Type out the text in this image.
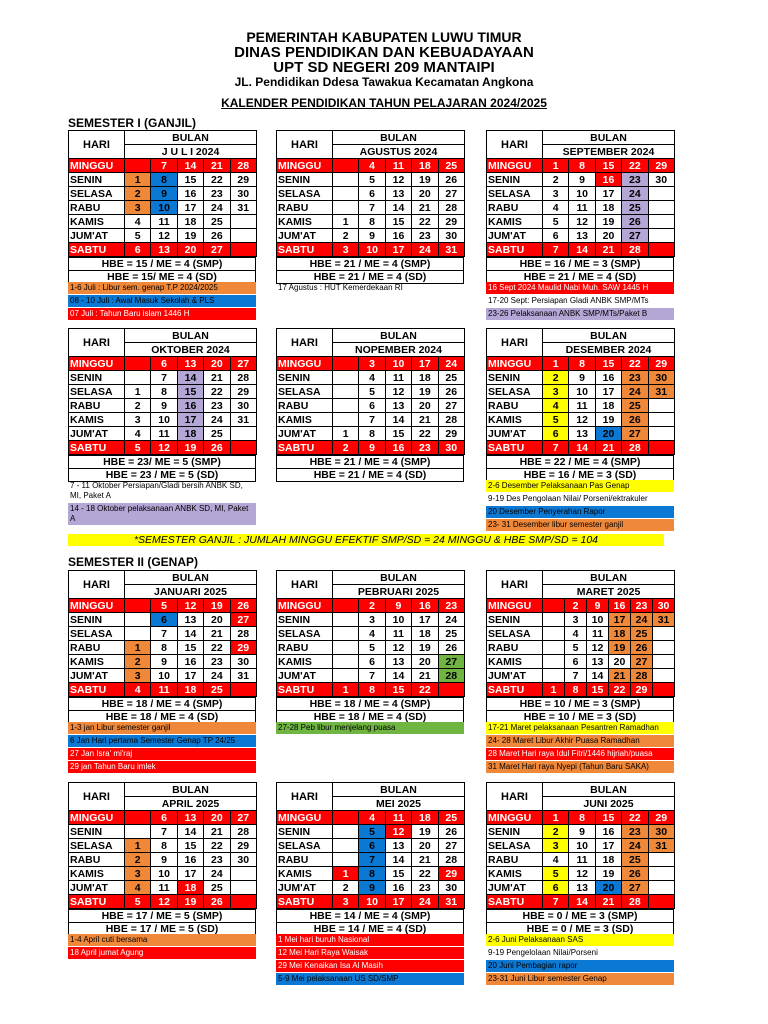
PEMERINTAH KABUPATEN LUWU TIMUR
DINAS PENDIDIKAN DAN KEBUADAYAAN
UPT SD NEGERI 209 MANTAIPI
JL. Pendidikan Ddesa Tawakua Kecamatan Angkona
KALENDER PENDIDIKAN TAHUN PELAJARAN 2024/2025
SEMESTER I (GANJIL)
SEMESTER II (GENAP)
*SEMESTER GANJIL : JUMLAH MINGGU EFEKTIF SMP/SD = 24 MINGGU & HBE SMP/SD = 104
HARI	BULAN	
	J U L I 2024					
MINGGU		7	14	21	28	
SENIN	1	8	15	22	29	
SELASA	2	9	16	23	30	
RABU	3	10	17	24	31	
KAMIS	4	11	18	25		
JUM'AT	5	12	19	26		
SABTU	6	13	20	27		
HBE = 15 / ME = 4 (SMP)
HBE = 15/ ME = 4 (SD)
1-6 Juli : Libur sem. genap T.P 2024/2025
08 - 10 Juli : Awal Masuk Sekolah & PLS
07 Juli : Tahun Baru islam 1446 H
HARI	BULAN	
	AGUSTUS 2024					
MINGGU		4	11	18	25	
SENIN		5	12	19	26	
SELASA		6	13	20	27	
RABU		7	14	21	28	
KAMIS	1	8	15	22	29	
JUM'AT	2	9	16	23	30	
SABTU	3	10	17	24	31	
HBE = 21 / ME = 4 (SMP)
HBE = 21 / ME = 4 (SD)
17 Agustus : HUT Kemerdekaan RI
HARI	BULAN	
	SEPTEMBER 2024					
MINGGU	1	8	15	22	29	
SENIN	2	9	16	23	30	
SELASA	3	10	17	24		
RABU	4	11	18	25		
KAMIS	5	12	19	26		
JUM'AT	6	13	20	27		
SABTU	7	14	21	28		
HBE = 16 / ME = 3 (SMP)
HBE = 21 / ME = 4 (SD)
16 Sept 2024 Maulid Nabi Muh. SAW 1445 H
17-20 Sept: Persiapan Gladi ANBK SMP/MTs
23-26 Pelaksanaan ANBK SMP/MTs/Paket B
HARI	BULAN	
	OKTOBER 2024					
MINGGU		6	13	20	27	
SENIN		7	14	21	28	
SELASA	1	8	15	22	29	
RABU	2	9	16	23	30	
KAMIS	3	10	17	24	31	
JUM'AT	4	11	18	25		
SABTU	5	12	19	26		
HBE = 23/ ME = 5 (SMP)
HBE = 23 / ME = 5 (SD)
7 - 11 Oktober Persiapan/Gladi bersih ANBK SD, MI, Paket A
14 - 18 Oktober pelaksanaan ANBK SD, MI, Paket A
HARI	BULAN	
	NOPEMBER 2024					
MINGGU		3	10	17	24	
SENIN		4	11	18	25	
SELASA		5	12	19	26	
RABU		6	13	20	27	
KAMIS		7	14	21	28	
JUM'AT	1	8	15	22	29	
SABTU	2	9	16	23	30	
HBE = 21 / ME = 4 (SMP)
HBE = 21 / ME = 4 (SD)
HARI	BULAN	
	DESEMBER 2024					
MINGGU	1	8	15	22	29	
SENIN	2	9	16	23	30	
SELASA	3	10	17	24	31	
RABU	4	11	18	25		
KAMIS	5	12	19	26		
JUM'AT	6	13	20	27		
SABTU	7	14	21	28		
HBE = 22 / ME = 4 (SMP)
HBE = 16 / ME = 3 (SD)
2-6 Desember Pelaksanaan Pas Genap
9-19 Des Pengolaan Nilai/ Porseni/ektrakuler
20 Desember Penyerahan Rapor
23- 31 Desember libur semester ganjil
HARI	BULAN	
	JANUARI 2025					
MINGGU		5	12	19	26	
SENIN		6	13	20	27	
SELASA		7	14	21	28	
RABU	1	8	15	22	29	
KAMIS	2	9	16	23	30	
JUM'AT	3	10	17	24	31	
SABTU	4	11	18	25		
HBE = 18 / ME = 4 (SMP)
HBE = 18 / ME = 4 (SD)
1-3 jan Libur semester ganjil
6 Jan Hari pertama Semester Genap TP 24/25
27 Jan Isra' mi'raj
29 jan Tahun Baru imlek
HARI	BULAN	
	PEBRUARI 2025					
MINGGU		2	9	16	23	
SENIN		3	10	17	24	
SELASA		4	11	18	25	
RABU		5	12	19	26	
KAMIS		6	13	20	27	
JUM'AT		7	14	21	28	
SABTU	1	8	15	22		
HBE = 18 / ME = 4 (SMP)
HBE = 18 / ME = 4 (SD)
27-28 Peb libur menjelang puasa
HARI	BULAN					
	MARET 2025					
MINGGU		2	9	16	23	30
SENIN		3	10	17	24	31
SELASA		4	11	18	25	
RABU		5	12	19	26	
KAMIS		6	13	20	27	
JUM'AT		7	14	21	28	
SABTU	1	8	15	22	29	
HBE = 10 / ME = 3 (SMP)
HBE = 10 / ME = 3 (SD)
17-21 Maret pelaksanaan Pesantren Ramadhan
24- 28 Maret Libur Akhir Puasa Ramadhan
28 Maret Hari raya Idul Fitri/1446 hijriah/puasa
31 Maret Hari raya Nyepi (Tahun Baru SAKA)
HARI	BULAN					
	APRIL 2025					
MINGGU		6	13	20	27	
SENIN		7	14	21	28	
SELASA	1	8	15	22	29	
RABU	2	9	16	23	30	
KAMIS	3	10	17	24		
JUM'AT	4	11	18	25		
SABTU	5	12	19	26		
HBE = 17 / ME = 5 (SMP)
HBE = 17 / ME = 5 (SD)
1-4 April cuti bersama
18 April jumat Agung
HARI	BULAN					
	MEI 2025					
MINGGU		4	11	18	25	
SENIN		5	12	19	26	
SELASA		6	13	20	27	
RABU		7	14	21	28	
KAMIS	1	8	15	22	29	
JUM'AT	2	9	16	23	30	
SABTU	3	10	17	24	31	
HBE = 14 / ME = 4 (SMP)
HBE = 14 / ME = 4 (SD)
1 Mei hari buruh Nasional
12 Mei Hari Raya Waisak
29 Mei Kenaikan Isa Al Masih
5-9 Mei pelaksanaan US SD/SMP
HARI	BULAN					
	JUNI 2025					
MINGGU	1	8	15	22	29	
SENIN	2	9	16	23	30	
SELASA	3	10	17	24	31	
RABU	4	11	18	25		
KAMIS	5	12	19	26		
JUM'AT	6	13	20	27		
SABTU	7	14	21	28		
HBE = 0 / ME = 3 (SMP)
HBE = 0 / ME = 3 (SD)
2-6 Juni Pelaksanaan SAS
9-19 Pengelolaan Nilai/Porseni
20 Juni Pembagian rapor
23-31 Juni Libur semester Genap
